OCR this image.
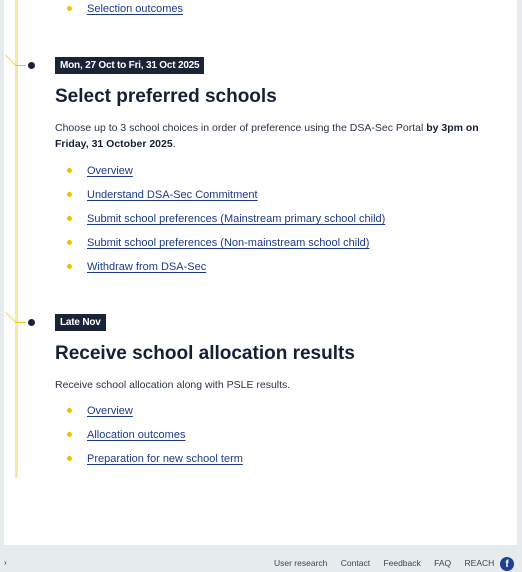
Selection outcomes
Mon, 27 Oct to Fri, 31 Oct 2025
Select preferred schools

Choose up to 3 school choices in order of preference using the DSA-Sec Portal by 3pm on Friday, 31 October 2025.

Overview
Understand DSA-Sec Commitment
Submit school preferences (Mainstream primary school child)
Submit school preferences (Non-mainstream school child)
Withdraw from DSA-Sec
Late Nov
Receive school allocation results

Receive school allocation along with PSLE results.

Overview
Allocation outcomes
Preparation for new school term
›	User research Contact Feedback FAQ REACH	f
